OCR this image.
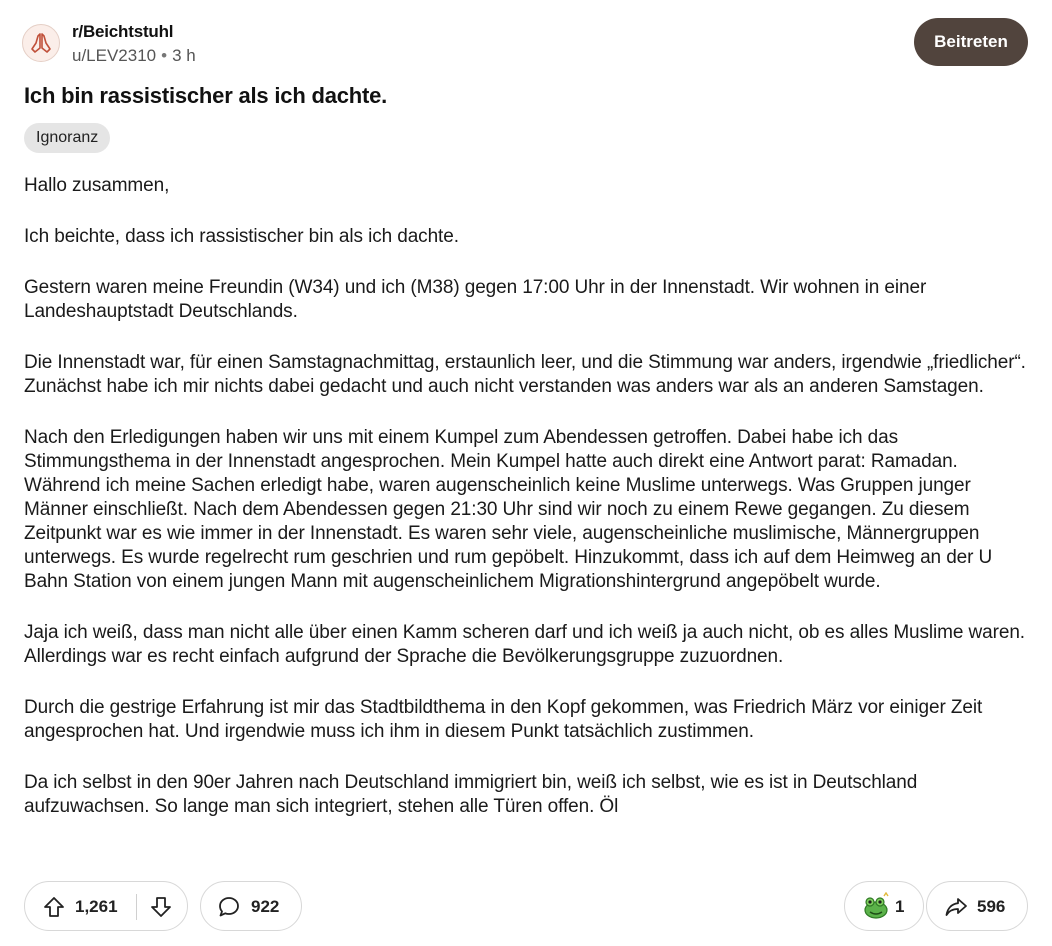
r/Beichtstuhl
u/LEV2310 • 3 h
Beitreten
Ich bin rassistischer als ich dachte.
Ignoranz

Hallo zusammen,

Ich beichte, dass ich rassistischer bin als ich dachte.

Gestern waren meine Freundin (W34) und ich (M38) gegen 17:00 Uhr in der Innenstadt. Wir wohnen in einer Landeshauptstadt Deutschlands.

Die Innenstadt war, für einen Samstagnachmittag, erstaunlich leer, und die Stimmung war anders, irgendwie „friedlicher“. Zunächst habe ich mir nichts dabei gedacht und auch nicht verstanden was anders war als an anderen Samstagen.

Nach den Erledigungen haben wir uns mit einem Kumpel zum Abendessen getroffen. Dabei habe ich das Stimmungsthema in der Innenstadt angesprochen. Mein Kumpel hatte auch direkt eine Antwort parat: Ramadan. Während ich meine Sachen erledigt habe, waren augenscheinlich keine Muslime unterwegs. Was Gruppen junger Männer einschließt. Nach dem Abendessen gegen 21:30 Uhr sind wir noch zu einem Rewe gegangen. Zu diesem Zeitpunkt war es wie immer in der Innenstadt. Es waren sehr viele, augenscheinliche muslimische, Männergruppen unterwegs. Es wurde regelrecht rum geschrien und rum gepöbelt. Hinzukommt, dass ich auf dem Heimweg an der U Bahn Station von einem jungen Mann mit augenscheinlichem Migrationshintergrund angepöbelt wurde.

Jaja ich weiß, dass man nicht alle über einen Kamm scheren darf und ich weiß ja auch nicht, ob es alles Muslime waren. Allerdings war es recht einfach aufgrund der Sprache die Bevölkerungsgruppe zuzuordnen.

Durch die gestrige Erfahrung ist mir das Stadtbildthema in den Kopf gekommen, was Friedrich März vor einiger Zeit angesprochen hat. Und irgendwie muss ich ihm in diesem Punkt tatsächlich zustimmen.

Da ich selbst in den 90er Jahren nach Deutschland immigriert bin, weiß ich selbst, wie es ist in Deutschland aufzuwachsen. So lange man sich integriert, stehen alle Türen offen. Öl

1,261	922	1	596
